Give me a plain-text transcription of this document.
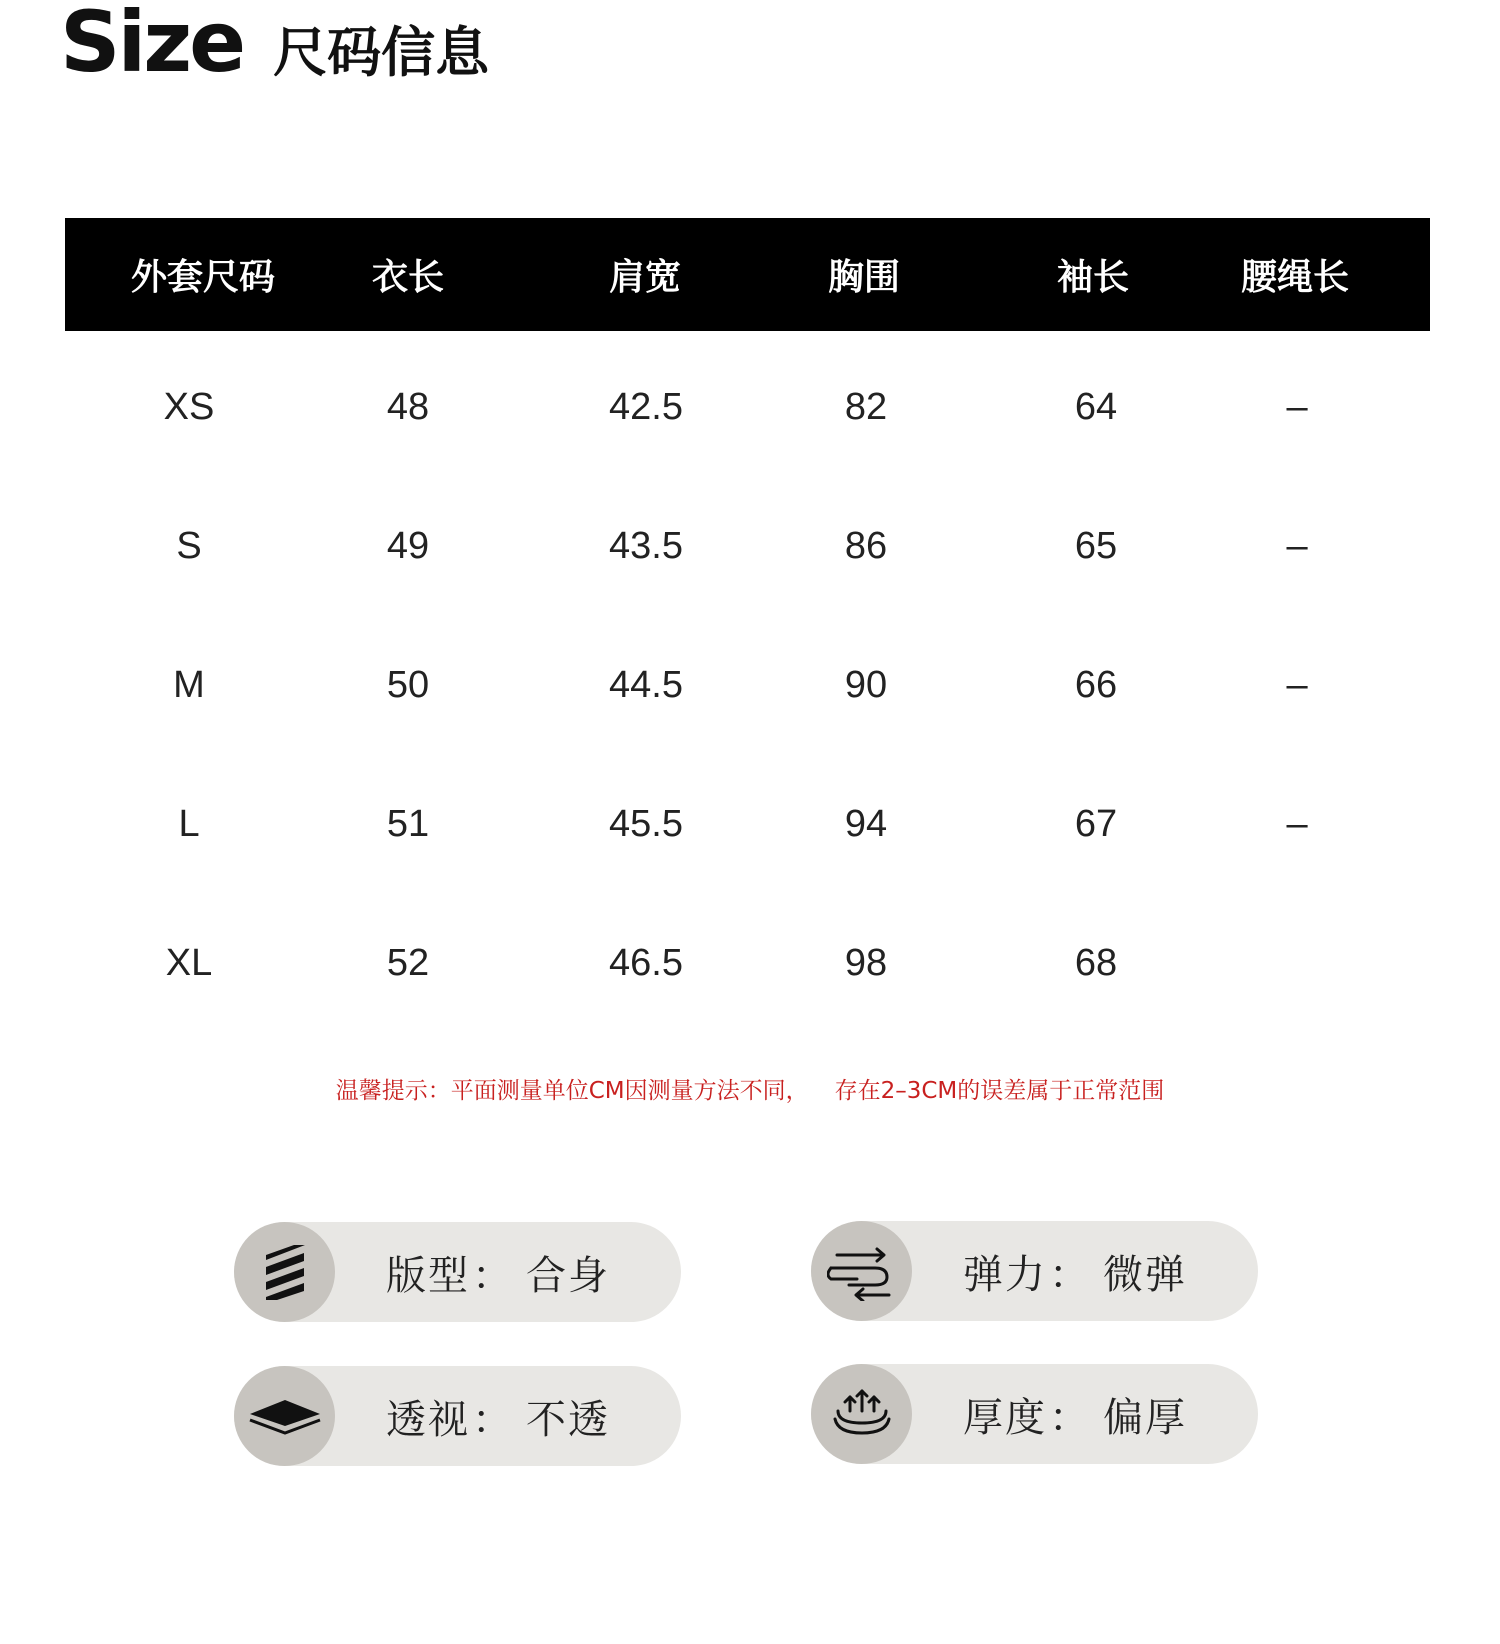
Size 尺码信息
外套尺码	衣长	肩宽	胸围	袖长	腰绳长
XS	48	42.5	82	64	–
S	49	43.5	86	65	–
M	50	44.5	90	66	–
L	51	45.5	94	67	–
XL	52	46.5	98	68
温馨提示：平面测量单位CM因测量方法不同， 存在2–3CM的误差属于正常范围
版型 ： 合身	弹力 ： 微弹
透视 ： 不透	厚度 ： 偏厚
